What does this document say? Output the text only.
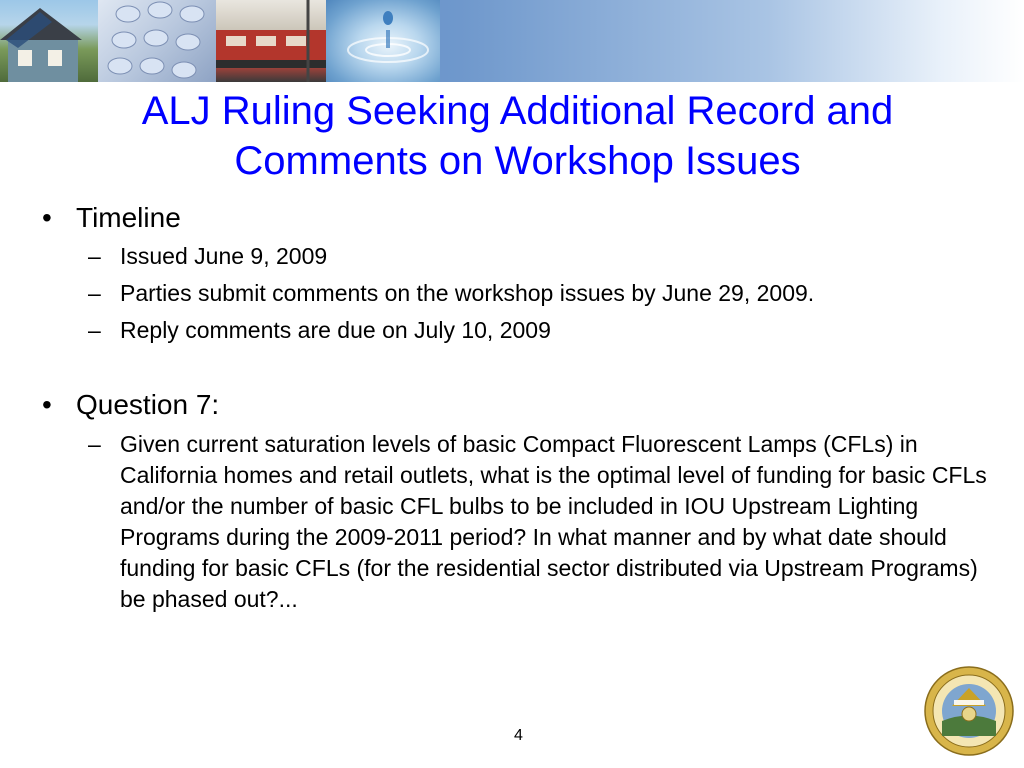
ALJ Ruling Seeking Additional Record and
Comments on Workshop Issues
• Timeline
– Issued June 9, 2009
– Parties submit comments on the workshop issues by June 29, 2009.
– Reply comments are due on July 10, 2009
• Question 7:
– Given current saturation levels of basic Compact Fluorescent Lamps (CFLs) in California homes and retail outlets, what is the optimal level of funding for basic CFLs and/or the number of basic CFL bulbs to be included in IOU Upstream Lighting Programs during the 2009-2011 period? In what manner and by what date should funding for basic CFLs (for the residential sector distributed via Upstream Programs) be phased out?...
4
